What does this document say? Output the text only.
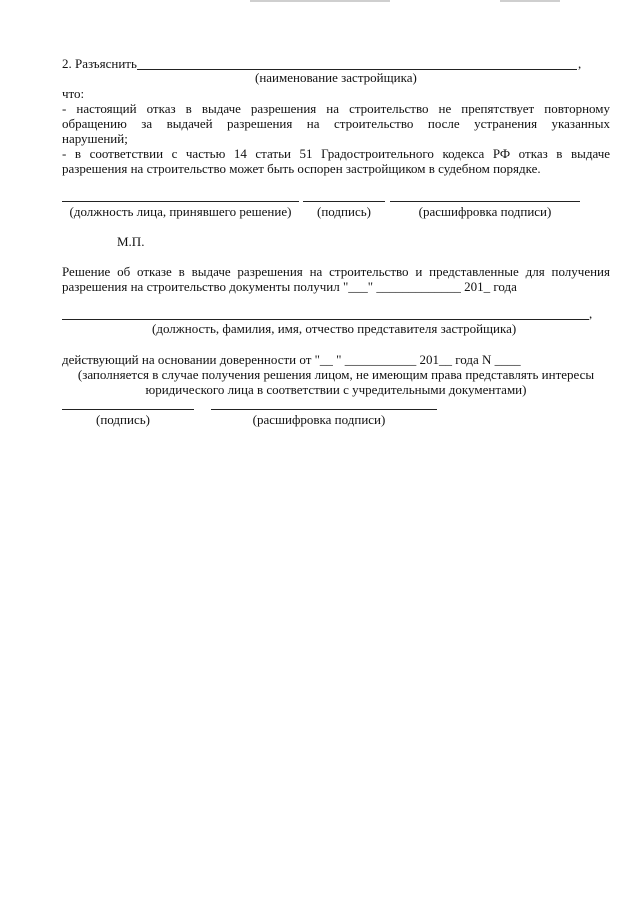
2. Разъяснить	,
(наименование застройщика)
что:
- настоящий отказ в выдаче разрешения на строительство не препятствует повторному
обращению за выдачей разрешения на строительство после устранения указанных
нарушений;
- в соответствии с частью 14 статьи 51 Градостроительного кодекса РФ отказ в выдаче
разрешения на строительство может быть оспорен застройщиком в судебном порядке.
(должность лица, принявшего решение)	(подпись)	(расшифровка подписи)
М.П.
Решение об отказе в выдаче разрешения на строительство и представленные для получения
разрешения на строительство документы получил "___" _____________ 201_ года
,
(должность, фамилия, имя, отчество представителя застройщика)
действующий на основании доверенности от "__ " ___________ 201__ года N ____
(заполняется в случае получения решения лицом, не имеющим права представлять интересы
юридического лица в соответствии с учредительными документами)
(подпись)	(расшифровка подписи)
